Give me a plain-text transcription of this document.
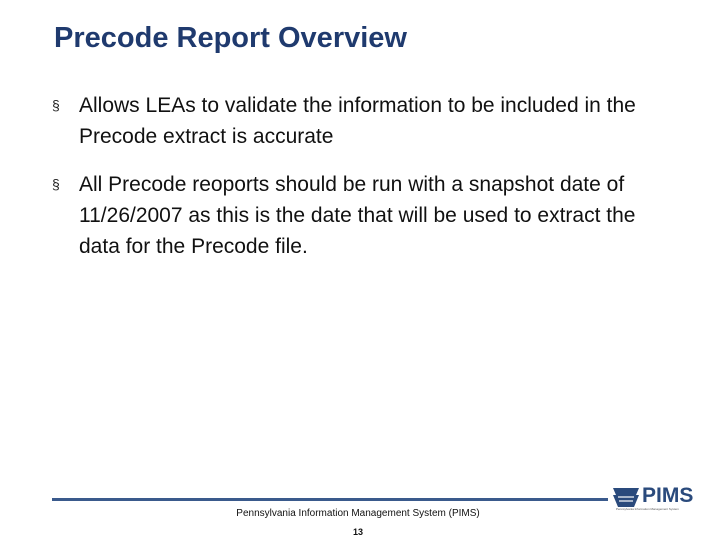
Precode Report Overview
§ Allows LEAs to validate the information to be included in the Precode extract is accurate
§ All Precode reoports should be run with a snapshot date of 11/26/2007 as this is the date that will be used to extract the data for the Precode file.
Pennsylvania Information Management System (PIMS)
13
PIMS
Pennsylvania Information Management System
